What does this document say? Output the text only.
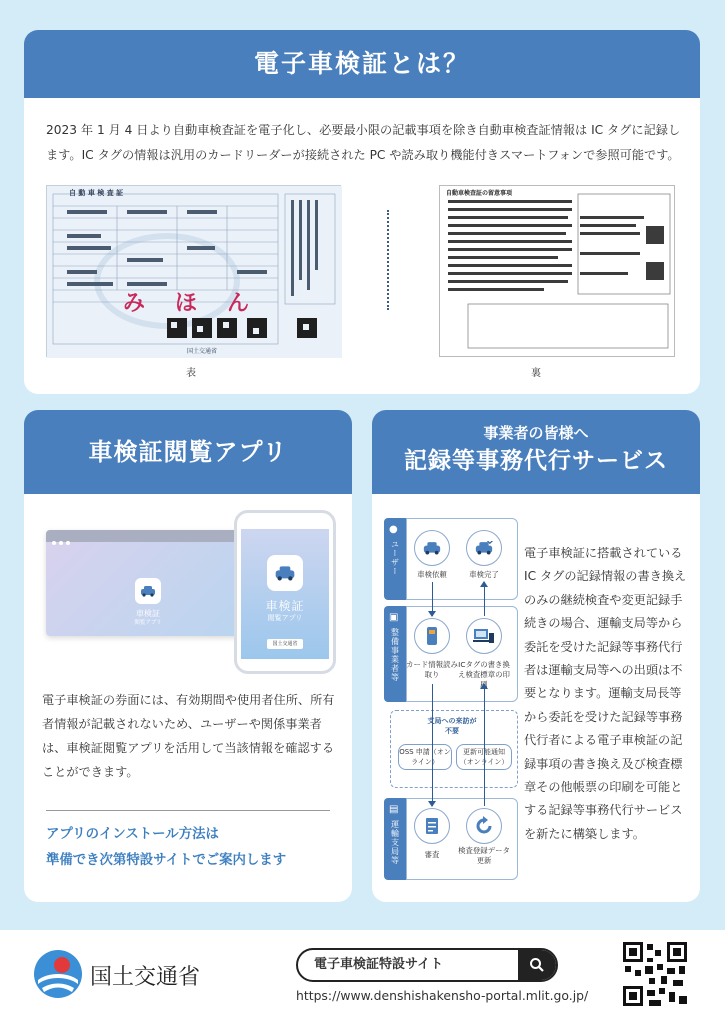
電子車検証とは？

2023 年 1 月 4 日より自動車検査証を電子化し、必要最小限の記載事項を除き自動車検査証情報は IC タグに記録します。IC タグの情報は汎用のカードリーダーが接続された PC や読み取り機能付きスマートフォンで参照可能です。

自 動 車 検 査 証
み　ほ　ん
国土交通省
自動車検査証の留意事項
表	裏
車検証閲覧アプリ
車検証
閲覧アプリ
車検証
閲覧アプリ
国土交通省

電子車検証の券面には、有効期間や使用者住所、所有者情報が記載されないため、ユーザーや関係事業者は、車検証閲覧アプリを活用して当該情報を確認することができます。

アプリのインストール方法は
準備でき次第特設サイトでご案内します
事業者の皆様へ
記録等事務代行サービス
●
ユーザー
▣
整備事業者等
▤
運輸支局等
車検依頼	車検完了
カード情報読み取り
ICタグの書き換え検査標章の印刷
支局への来訪が不要
OSS 申請（オンライン）
更新可能通知（オンライン）
審査	検査登録データ更新

電子車検証に搭載されている IC タグの記録情報の書き換えのみの継続検査や変更記録手続きの場合、運輸支局等から委託を受けた記録等事務代行者は運輸支局等への出頭は不要となります。運輸支局長等から委託を受けた記録等事務代行者による電子車検証の記録事項の書き換え及び検査標章その他帳票の印刷を可能とする記録等事務代行サービスを新たに構築します。

国土交通省
電子車検証特設サイト
https://www.denshishakensho-portal.mlit.go.jp/
